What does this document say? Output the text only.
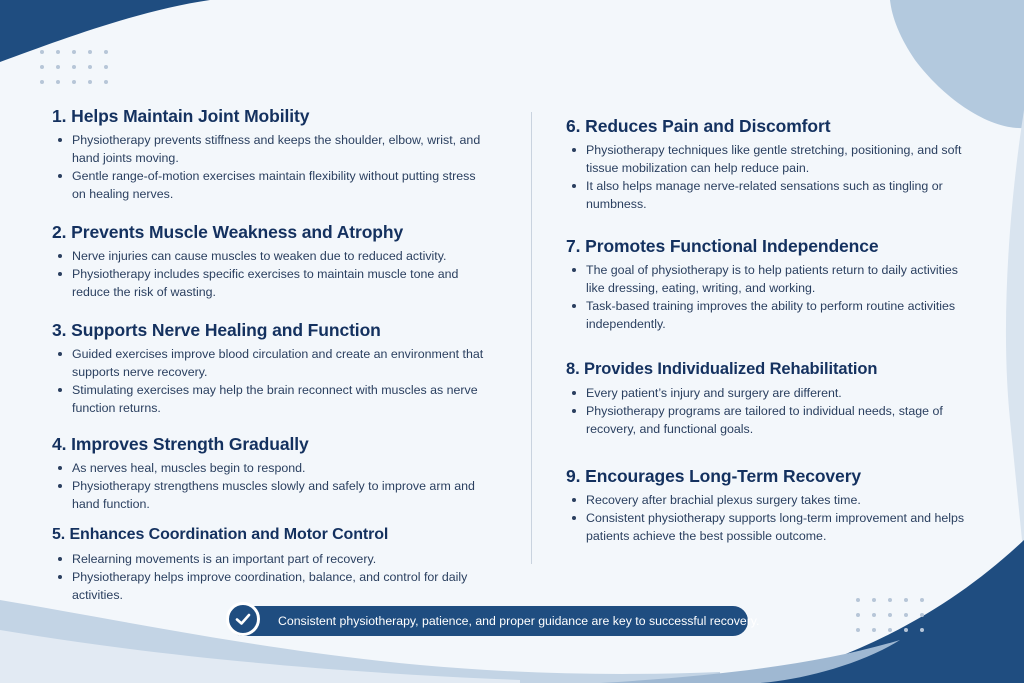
1. Helps Maintain Joint Mobility
Physiotherapy prevents stiffness and keeps the shoulder, elbow, wrist, and hand joints moving.
Gentle range-of-motion exercises maintain flexibility without putting stress on healing nerves.
2. Prevents Muscle Weakness and Atrophy
Nerve injuries can cause muscles to weaken due to reduced activity.
Physiotherapy includes specific exercises to maintain muscle tone and reduce the risk of wasting.
3. Supports Nerve Healing and Function
Guided exercises improve blood circulation and create an environment that supports nerve recovery.
Stimulating exercises may help the brain reconnect with muscles as nerve function returns.
4. Improves Strength Gradually
As nerves heal, muscles begin to respond.
Physiotherapy strengthens muscles slowly and safely to improve arm and hand function.
5. Enhances Coordination and Motor Control
Relearning movements is an important part of recovery.
Physiotherapy helps improve coordination, balance, and control for daily activities.
6. Reduces Pain and Discomfort
Physiotherapy techniques like gentle stretching, positioning, and soft tissue mobilization can help reduce pain.
It also helps manage nerve-related sensations such as tingling or numbness.
7. Promotes Functional Independence
The goal of physiotherapy is to help patients return to daily activities like dressing, eating, writing, and working.
Task-based training improves the ability to perform routine activities independently.
8. Provides Individualized Rehabilitation
Every patient’s injury and surgery are different.
Physiotherapy programs are tailored to individual needs, stage of recovery, and functional goals.
9. Encourages Long-Term Recovery
Recovery after brachial plexus surgery takes time.
Consistent physiotherapy supports long-term improvement and helps patients achieve the best possible outcome.
Consistent physiotherapy, patience, and proper guidance are key to successful recovery.
